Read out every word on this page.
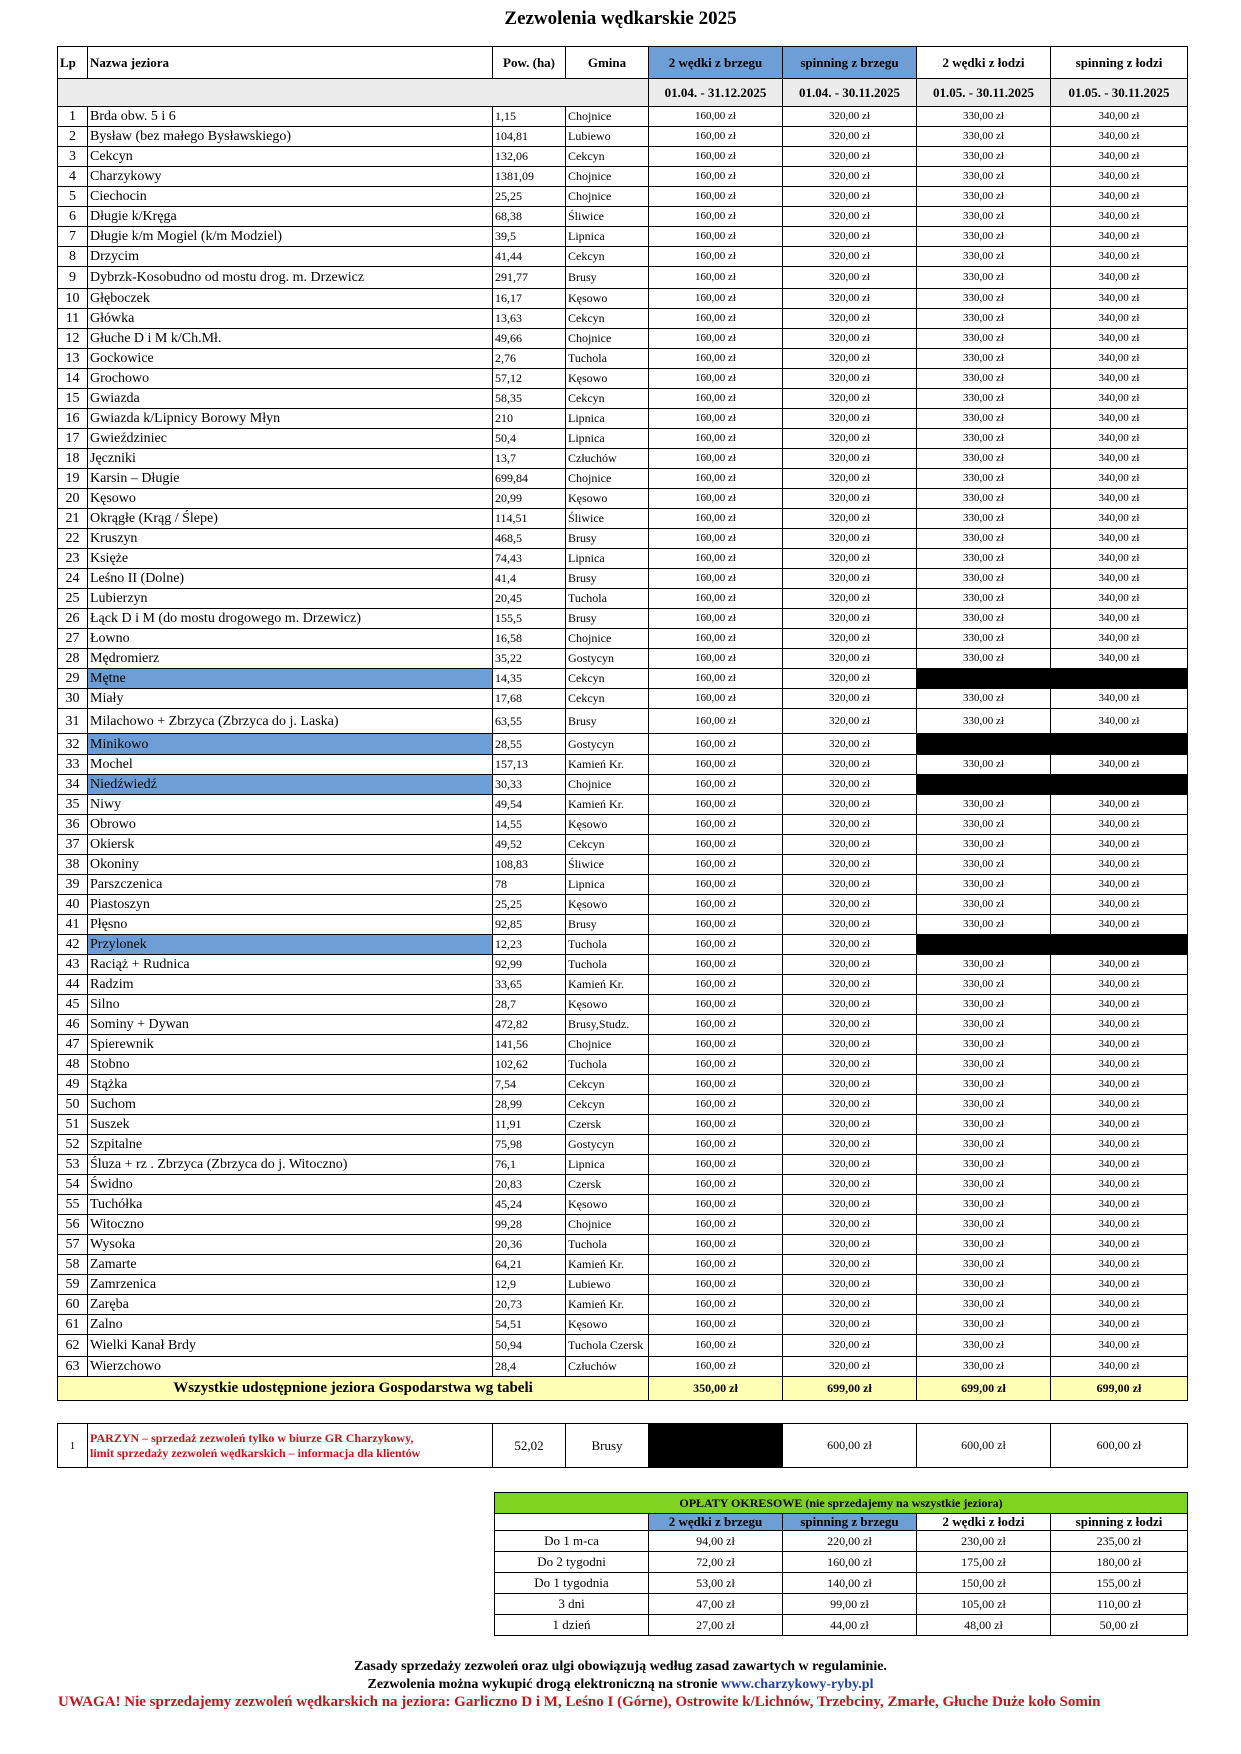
Zezwolenia wędkarskie 2025
Lp	Nazwa jeziora	Pow. (ha)	Gmina	2 wędki z brzegu	spinning z brzegu	2 wędki z łodzi	spinning z łodzi
				01.04. - 31.12.2025	01.04. - 30.11.2025	01.05. - 30.11.2025	01.05. - 30.11.2025
1	Brda obw. 5 i 6	1,15	Chojnice	160,00 zł	320,00 zł	330,00 zł	340,00 zł
2	Bysław (bez małego Bysławskiego)	104,81	Lubiewo	160,00 zł	320,00 zł	330,00 zł	340,00 zł
3	Cekcyn	132,06	Cekcyn	160,00 zł	320,00 zł	330,00 zł	340,00 zł
4	Charzykowy	1381,09	Chojnice	160,00 zł	320,00 zł	330,00 zł	340,00 zł
5	Ciechocin	25,25	Chojnice	160,00 zł	320,00 zł	330,00 zł	340,00 zł
6	Długie k/Kręga	68,38	Śliwice	160,00 zł	320,00 zł	330,00 zł	340,00 zł
7	Długie k/m Mogiel (k/m Modziel)	39,5	Lipnica	160,00 zł	320,00 zł	330,00 zł	340,00 zł
8	Drzycim	41,44	Cekcyn	160,00 zł	320,00 zł	330,00 zł	340,00 zł
9	Dybrzk-Kosobudno od mostu drog. m. Drzewicz	291,77	Brusy	160,00 zł	320,00 zł	330,00 zł	340,00 zł
10	Głęboczek	16,17	Kęsowo	160,00 zł	320,00 zł	330,00 zł	340,00 zł
11	Główka	13,63	Cekcyn	160,00 zł	320,00 zł	330,00 zł	340,00 zł
12	Głuche D i M k/Ch.Mł.	49,66	Chojnice	160,00 zł	320,00 zł	330,00 zł	340,00 zł
13	Gockowice	2,76	Tuchola	160,00 zł	320,00 zł	330,00 zł	340,00 zł
14	Grochowo	57,12	Kęsowo	160,00 zł	320,00 zł	330,00 zł	340,00 zł
15	Gwiazda	58,35	Cekcyn	160,00 zł	320,00 zł	330,00 zł	340,00 zł
16	Gwiazda k/Lipnicy Borowy Młyn	210	Lipnica	160,00 zł	320,00 zł	330,00 zł	340,00 zł
17	Gwieździniec	50,4	Lipnica	160,00 zł	320,00 zł	330,00 zł	340,00 zł
18	Jęczniki	13,7	Człuchów	160,00 zł	320,00 zł	330,00 zł	340,00 zł
19	Karsin – Długie	699,84	Chojnice	160,00 zł	320,00 zł	330,00 zł	340,00 zł
20	Kęsowo	20,99	Kęsowo	160,00 zł	320,00 zł	330,00 zł	340,00 zł
21	Okrągłe (Krąg / Ślepe)	114,51	Śliwice	160,00 zł	320,00 zł	330,00 zł	340,00 zł
22	Kruszyn	468,5	Brusy	160,00 zł	320,00 zł	330,00 zł	340,00 zł
23	Księże	74,43	Lipnica	160,00 zł	320,00 zł	330,00 zł	340,00 zł
24	Leśno II (Dolne)	41,4	Brusy	160,00 zł	320,00 zł	330,00 zł	340,00 zł
25	Lubierzyn	20,45	Tuchola	160,00 zł	320,00 zł	330,00 zł	340,00 zł
26	Łąck D i M (do mostu drogowego m. Drzewicz)	155,5	Brusy	160,00 zł	320,00 zł	330,00 zł	340,00 zł
27	Łowno	16,58	Chojnice	160,00 zł	320,00 zł	330,00 zł	340,00 zł
28	Mędromierz	35,22	Gostycyn	160,00 zł	320,00 zł	330,00 zł	340,00 zł
29	Mętne	14,35	Cekcyn	160,00 zł	320,00 zł		
30	Miały	17,68	Cekcyn	160,00 zł	320,00 zł	330,00 zł	340,00 zł
31	Milachowo + Zbrzyca (Zbrzyca do j. Laska)	63,55	Brusy	160,00 zł	320,00 zł	330,00 zł	340,00 zł
32	Minikowo	28,55	Gostycyn	160,00 zł	320,00 zł		
33	Mochel	157,13	Kamień Kr.	160,00 zł	320,00 zł	330,00 zł	340,00 zł
34	Niedźwiedź	30,33	Chojnice	160,00 zł	320,00 zł		
35	Niwy	49,54	Kamień Kr.	160,00 zł	320,00 zł	330,00 zł	340,00 zł
36	Obrowo	14,55	Kęsowo	160,00 zł	320,00 zł	330,00 zł	340,00 zł
37	Okiersk	49,52	Cekcyn	160,00 zł	320,00 zł	330,00 zł	340,00 zł
38	Okoniny	108,83	Śliwice	160,00 zł	320,00 zł	330,00 zł	340,00 zł
39	Parszczenica	78	Lipnica	160,00 zł	320,00 zł	330,00 zł	340,00 zł
40	Piastoszyn	25,25	Kęsowo	160,00 zł	320,00 zł	330,00 zł	340,00 zł
41	Płęsno	92,85	Brusy	160,00 zł	320,00 zł	330,00 zł	340,00 zł
42	Przylonek	12,23	Tuchola	160,00 zł	320,00 zł		
43	Raciąż + Rudnica	92,99	Tuchola	160,00 zł	320,00 zł	330,00 zł	340,00 zł
44	Radzim	33,65	Kamień Kr.	160,00 zł	320,00 zł	330,00 zł	340,00 zł
45	Silno	28,7	Kęsowo	160,00 zł	320,00 zł	330,00 zł	340,00 zł
46	Sominy + Dywan	472,82	Brusy,Studz.	160,00 zł	320,00 zł	330,00 zł	340,00 zł
47	Spierewnik	141,56	Chojnice	160,00 zł	320,00 zł	330,00 zł	340,00 zł
48	Stobno	102,62	Tuchola	160,00 zł	320,00 zł	330,00 zł	340,00 zł
49	Stążka	7,54	Cekcyn	160,00 zł	320,00 zł	330,00 zł	340,00 zł
50	Suchom	28,99	Cekcyn	160,00 zł	320,00 zł	330,00 zł	340,00 zł
51	Suszek	11,91	Czersk	160,00 zł	320,00 zł	330,00 zł	340,00 zł
52	Szpitalne	75,98	Gostycyn	160,00 zł	320,00 zł	330,00 zł	340,00 zł
53	Śluza + rz . Zbrzyca (Zbrzyca do j. Witoczno)	76,1	Lipnica	160,00 zł	320,00 zł	330,00 zł	340,00 zł
54	Świdno	20,83	Czersk	160,00 zł	320,00 zł	330,00 zł	340,00 zł
55	Tuchółka	45,24	Kęsowo	160,00 zł	320,00 zł	330,00 zł	340,00 zł
56	Witoczno	99,28	Chojnice	160,00 zł	320,00 zł	330,00 zł	340,00 zł
57	Wysoka	20,36	Tuchola	160,00 zł	320,00 zł	330,00 zł	340,00 zł
58	Zamarte	64,21	Kamień Kr.	160,00 zł	320,00 zł	330,00 zł	340,00 zł
59	Zamrzenica	12,9	Lubiewo	160,00 zł	320,00 zł	330,00 zł	340,00 zł
60	Zarębа	20,73	Kamień Kr.	160,00 zł	320,00 zł	330,00 zł	340,00 zł
61	Zalno	54,51	Kęsowo	160,00 zł	320,00 zł	330,00 zł	340,00 zł
62	Wielki Kanał Brdy	50,94	Tuchola Czersk	160,00 zł	320,00 zł	330,00 zł	340,00 zł
63	Wierzchowo	28,4	Człuchów	160,00 zł	320,00 zł	330,00 zł	340,00 zł
Wszystkie udostępnione jeziora Gospodarstwa wg tabeli				350,00 zł	699,00 zł	699,00 zł	699,00 zł
1	
PARZYN – sprzedaż zezwoleń tylko w biurze GR Charzykowy,
limit sprzedaży zezwoleń wędkarskich – informacja dla klientów	52,02	Brusy		600,00 zł	600,00 zł	600,00 zł
OPŁATY OKRESOWE (nie sprzedajemy na wszystkie jeziora)				
	2 wędki z brzegu	spinning z brzegu	2 wędki z łodzi	spinning z łodzi
Do 1 m-ca	94,00 zł	220,00 zł	230,00 zł	235,00 zł
Do 2 tygodni	72,00 zł	160,00 zł	175,00 zł	180,00 zł
Do 1 tygodnia	53,00 zł	140,00 zł	150,00 zł	155,00 zł
3 dni	47,00 zł	99,00 zł	105,00 zł	110,00 zł
1 dzień	27,00 zł	44,00 zł	48,00 zł	50,00 zł
Zasady sprzedaży zezwoleń oraz ulgi obowiązują według zasad zawartych w regulaminie.
Zezwolenia można wykupić drogą elektroniczną na stronie www.charzykowy-ryby.pl
UWAGA! Nie sprzedajemy zezwoleń wędkarskich na jeziora: Garliczno D i M, Leśno I (Górne), Ostrowite k/Lichnów, Trzebciny, Zmarłe, Głuche Duże koło Somin
